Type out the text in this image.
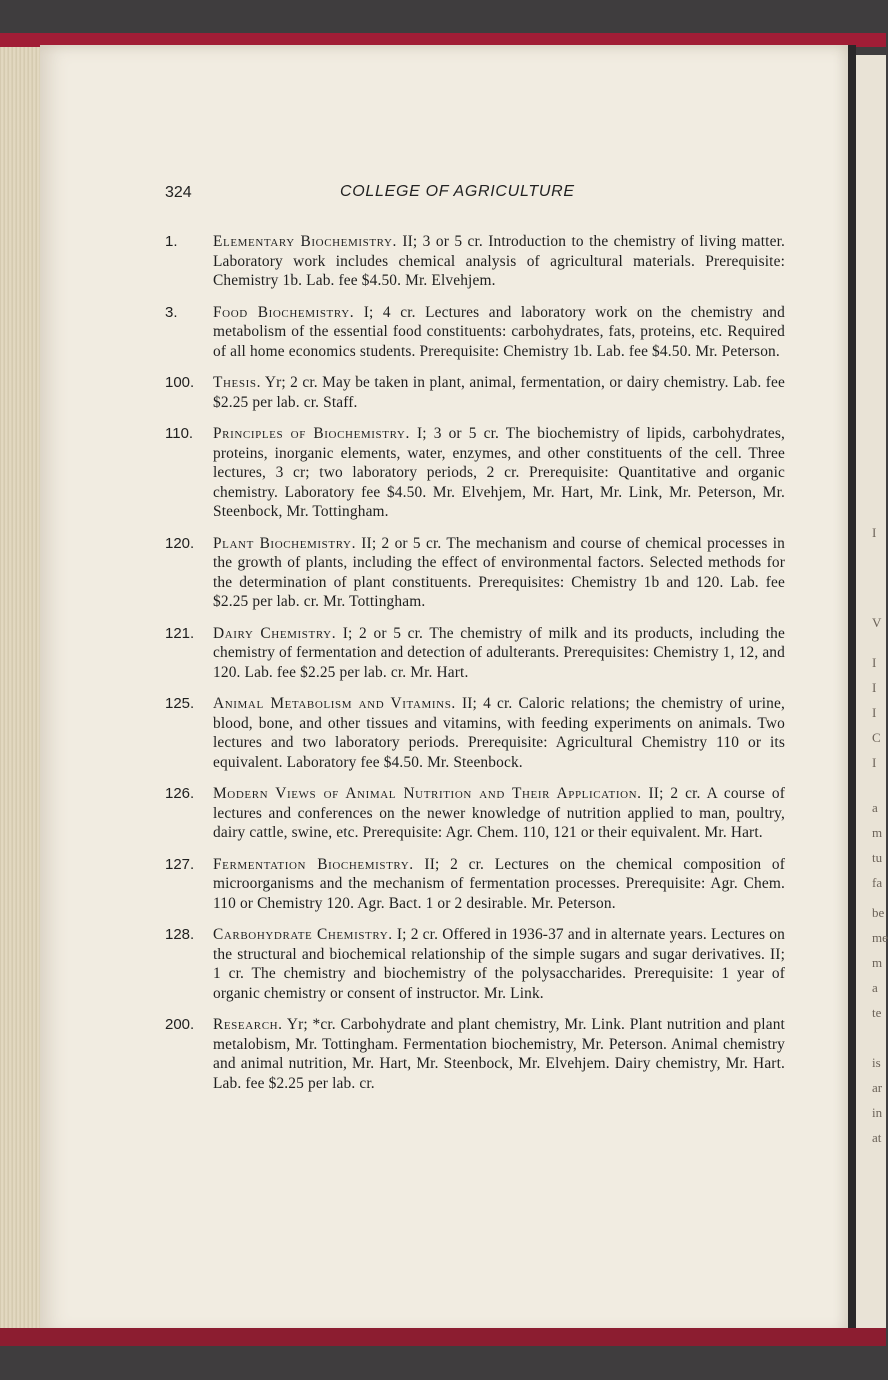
I
V
I
I
I
C
I
a
m
tu
fa
be
me
m
a
te
is
ar
in
at
324	COLLEGE OF AGRICULTURE
1.	Elementary Biochemistry. II; 3 or 5 cr. Introduction to the chemistry of living matter. Laboratory work includes chemical analysis of agricultural materials. Prerequisite: Chemistry 1b. Lab. fee $4.50. Mr. Elvehjem.
3.	Food Biochemistry. I; 4 cr. Lectures and laboratory work on the chemistry and metabolism of the essential food constituents: carbohydrates, fats, proteins, etc. Required of all home economics students. Prerequisite: Chemistry 1b. Lab. fee $4.50. Mr. Peterson.
100.	Thesis. Yr; 2 cr. May be taken in plant, animal, fermentation, or dairy chemistry. Lab. fee $2.25 per lab. cr. Staff.
110.	Principles of Biochemistry. I; 3 or 5 cr. The biochemistry of lipids, carbohydrates, proteins, inorganic elements, water, enzymes, and other constituents of the cell. Three lectures, 3 cr; two laboratory periods, 2 cr. Prerequisite: Quantitative and organic chemistry. Laboratory fee $4.50. Mr. Elvehjem, Mr. Hart, Mr. Link, Mr. Peterson, Mr. Steenbock, Mr. Tottingham.
120.	Plant Biochemistry. II; 2 or 5 cr. The mechanism and course of chemical processes in the growth of plants, including the effect of environmental factors. Selected methods for the determination of plant constituents. Prerequisites: Chemistry 1b and 120. Lab. fee $2.25 per lab. cr. Mr. Tottingham.
121.	Dairy Chemistry. I; 2 or 5 cr. The chemistry of milk and its products, including the chemistry of fermentation and detection of adulterants. Prerequisites: Chemistry 1, 12, and 120. Lab. fee $2.25 per lab. cr. Mr. Hart.
125.	Animal Metabolism and Vitamins. II; 4 cr. Caloric relations; the chemistry of urine, blood, bone, and other tissues and vitamins, with feeding experiments on animals. Two lectures and two laboratory periods. Prerequisite: Agricultural Chemistry 110 or its equivalent. Laboratory fee $4.50. Mr. Steenbock.
126.	Modern Views of Animal Nutrition and Their Application. II; 2 cr. A course of lectures and conferences on the newer knowledge of nutrition applied to man, poultry, dairy cattle, swine, etc. Prerequisite: Agr. Chem. 110, 121 or their equivalent. Mr. Hart.
127.	Fermentation Biochemistry. II; 2 cr. Lectures on the chemical composition of microorganisms and the mechanism of fermentation processes. Prerequisite: Agr. Chem. 110 or Chemistry 120. Agr. Bact. 1 or 2 desirable. Mr. Peterson.
128.	Carbohydrate Chemistry. I; 2 cr. Offered in 1936-37 and in alternate years. Lectures on the structural and biochemical relationship of the simple sugars and sugar derivatives. II; 1 cr. The chemistry and biochemistry of the polysaccharides. Prerequisite: 1 year of organic chemistry or consent of instructor. Mr. Link.
200.	Research. Yr; *cr. Carbohydrate and plant chemistry, Mr. Link. Plant nutrition and plant metalobism, Mr. Tottingham. Fermentation biochemistry, Mr. Peterson. Animal chemistry and animal nutrition, Mr. Hart, Mr. Steenbock, Mr. Elvehjem. Dairy chemistry, Mr. Hart. Lab. fee $2.25 per lab. cr.
